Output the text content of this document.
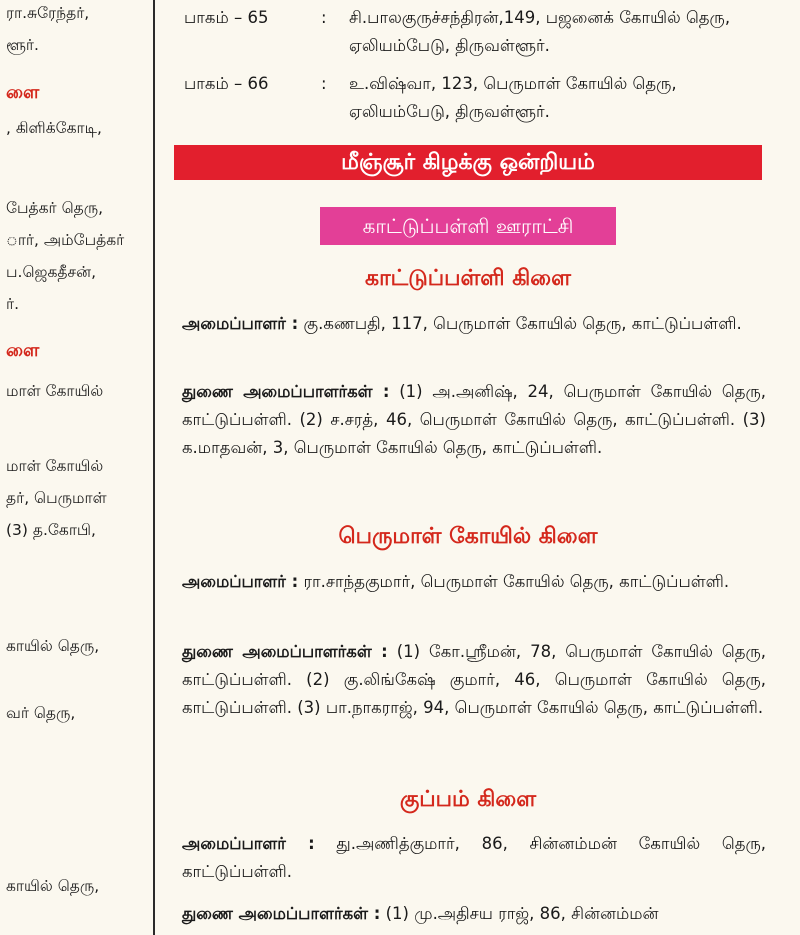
ரா.சுரேந்தர்,
ளூர்.
ளை
, கிளிக்கோடி,
பேத்கர் தெரு,
ார், அம்பேத்கர்
ப.ஜெகதீசன்,
ர்.
ளை
மாள் கோயில்
மாள் கோயில்
தர், பெருமாள்
(3) த.கோபி,
காயில் தெரு,
வர் தெரு,
காயில் தெரு,
பாகம் – 65	: சி.பாலகுருச்சந்திரன்,149, பஜனைக் கோயில் தெரு, ஏலியம்பேடு, திருவள்ளூர்.
பாகம் – 66	: உ.விஷ்வா, 123, பெருமாள் கோயில் தெரு, ஏலியம்பேடு, திருவள்ளூர்.
மீஞ்சூர் கிழக்கு ஒன்றியம்
காட்டுப்பள்ளி ஊராட்சி
காட்டுப்பள்ளி கிளை
அமைப்பாளர் : கு.கணபதி, 117, பெருமாள் கோயில் தெரு, காட்டுப்பள்ளி.
துணை அமைப்பாளர்கள் : (1) அ.அனிஷ், 24, பெருமாள் கோயில் தெரு, காட்டுப்பள்ளி. (2) ச.சரத், 46, பெருமாள் கோயில் தெரு, காட்டுப்பள்ளி. (3) க.மாதவன், 3, பெருமாள் கோயில் தெரு, காட்டுப்பள்ளி.
பெருமாள் கோயில் கிளை
அமைப்பாளர் : ரா.சாந்தகுமார், பெருமாள் கோயில் தெரு, காட்டுப்பள்ளி.
துணை அமைப்பாளர்கள் : (1) கோ.ஸ்ரீமன், 78, பெருமாள் கோயில் தெரு, காட்டுப்பள்ளி. (2) கு.லிங்கேஷ் குமார், 46, பெருமாள் கோயில் தெரு, காட்டுப்பள்ளி. (3) பா.நாகராஜ், 94, பெருமாள் கோயில் தெரு, காட்டுப்பள்ளி.
குப்பம் கிளை
அமைப்பாளர் : து.அணித்குமார், 86, சின்னம்மன் கோயில் தெரு, காட்டுப்பள்ளி.
துணை அமைப்பாளர்கள் : (1) மு.அதிசய ராஜ், 86, சின்னம்மன்
